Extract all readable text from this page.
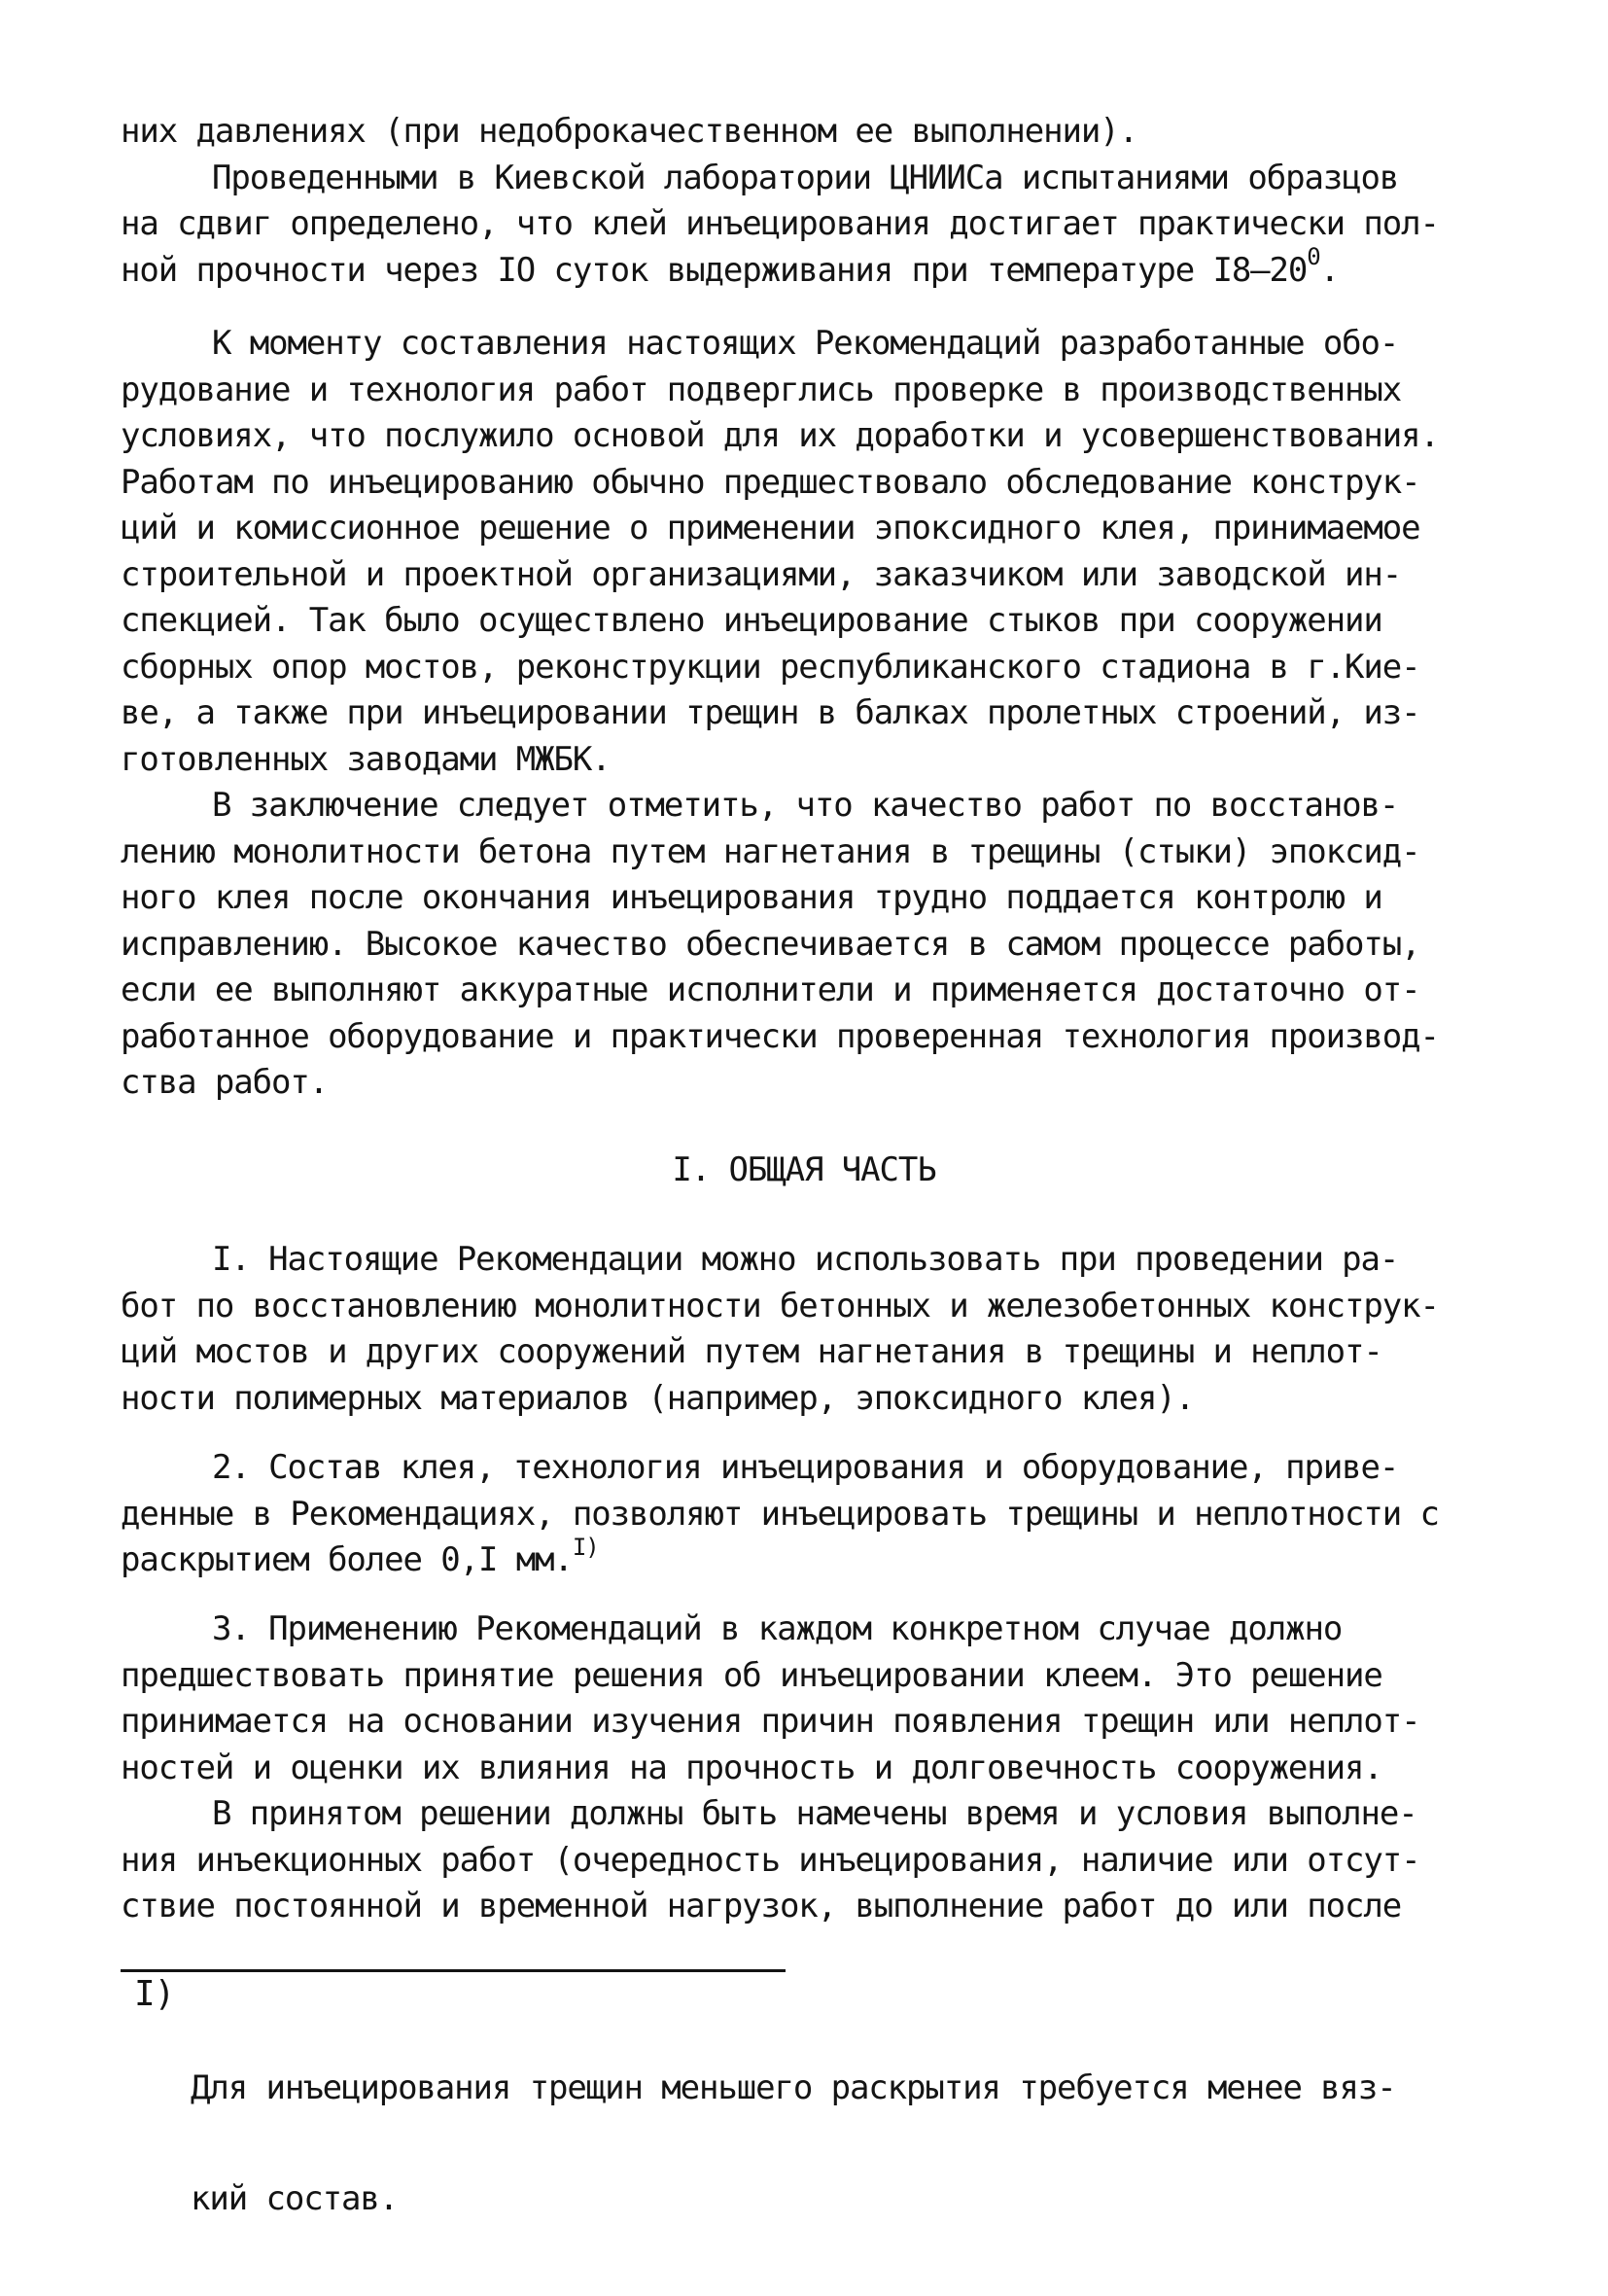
них давлениях (при недоброкачественном ее выполнении).
Проведенными в Киевской лаборатории ЦНИИСа испытаниями образцов
на сдвиг определено, что клей инъецирования достигает практически пол-
ной прочности через IO суток выдерживания при температуре $I8-20^0$.
К моменту составления настоящих Рекомендаций разработанные обо-
рудование и технология работ подверглись проверке в производственных
условиях, что послужило основой для их доработки и усовершенствования.
Работам по инъецированию обычно предшествовало обследование конструк-
ций и комиссионное решение о применении эпоксидного клея, принимаемое
строительной и проектной организациями, заказчиком или заводской ин-
спекцией. Так было осуществлено инъецирование стыков при сооружении
сборных опор мостов, реконструкции республиканского стадиона в г.Кие-
ве, а также при инъецировании трещин в балках пролетных строений, из-
готовленных заводами МЖБК.
В заключение следует отметить, что качество работ по восстанов-
лению монолитности бетона путем нагнетания в трещины (стыки) эпоксид-
ного клея после окончания инъецирования трудно поддается контролю и
исправлению. Высокое качество обеспечивается в самом процессе работы,
если ее выполняют аккуратные исполнители и применяется достаточно от-
работанное оборудование и практически проверенная технология производ-
ства работ.
I. ОБЩАЯ ЧАСТЬ
I. Настоящие Рекомендации можно использовать при проведении ра-
бот по восстановлению монолитности бетонных и железобетонных конструк-
ций мостов и других сооружений путем нагнетания в трещины и неплот-
ности полимерных материалов (например, эпоксидного клея).
2. Состав клея, технология инъецирования и оборудование, приве-
денные в Рекомендациях, позволяют инъецировать трещины и неплотности с
раскрытием более 0,I мм.$^{I)}$
3. Применению Рекомендаций в каждом конкретном случае должно
предшествовать принятие решения об инъецировании клеем. Это решение
принимается на основании изучения причин появления трещин или неплот-
ностей и оценки их влияния на прочность и долговечность сооружения.
В принятом решении должны быть намечены время и условия выполне-
ния инъекционных работ (очередность инъецирования, наличие или отсут-
ствие постоянной и временной нагрузок, выполнение работ до или после
I)

Для инъецирования трещин меньшего раскрытия требуется менее вяз-

кий состав.
